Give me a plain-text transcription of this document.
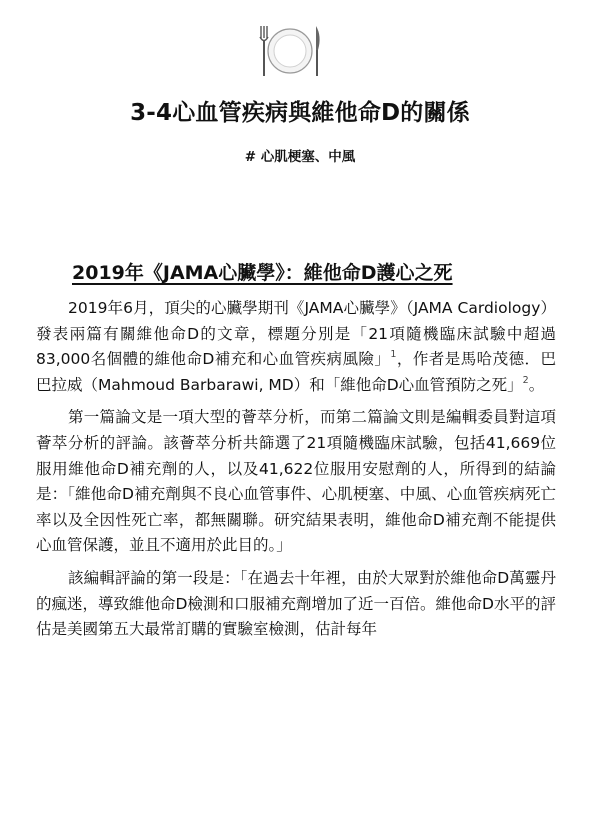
3-4心血管疾病與維他命D的關係
# 心肌梗塞、中風
2019年《JAMA心臟學》：維他命D護心之死

2019年6月，頂尖的心臟學期刊《JAMA心臟學》（JAMA Cardiology）發表兩篇有關維他命D的文章，標題分別是「21項隨機臨床試驗中超過83,000名個體的維他命D補充和心血管疾病風險」$^1$，作者是馬哈茂德．巴巴拉威（Mahmoud Barbarawi, MD）和「維他命D心血管預防之死」$^2$。

第一篇論文是一項大型的薈萃分析，而第二篇論文則是編輯委員對這項薈萃分析的評論。該薈萃分析共篩選了21項隨機臨床試驗，包括41,669位服用維他命D補充劑的人，以及41,622位服用安慰劑的人，所得到的結論是：「維他命D補充劑與不良心血管事件、心肌梗塞、中風、心血管疾病死亡率以及全因性死亡率，都無關聯。研究結果表明，維他命D補充劑不能提供心血管保護，並且不適用於此目的。」

該編輯評論的第一段是：「在過去十年裡，由於大眾對於維他命D萬靈丹的瘋迷，導致維他命D檢測和口服補充劑增加了近一百倍。維他命D水平的評估是美國第五大最常訂購的實驗室檢測，估計每年
